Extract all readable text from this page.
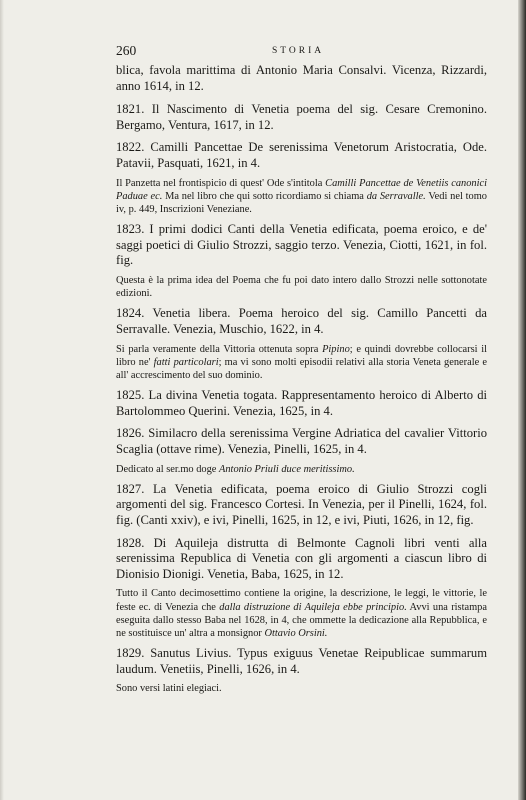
260	STORIA

blica, favola marittima di Antonio Maria Consalvi. Vicenza, Rizzardi, anno 1614, in 12.

1821. Il Nascimento di Venetia poema del sig. Cesare Cremonino. Bergamo, Ventura, 1617, in 12.

1822. Camilli Pancettae De serenissima Venetorum Aristocratia, Ode. Patavii, Pasquati, 1621, in 4.

Il Panzetta nel frontispicio di quest' Ode s'intitola Camilli Pancettae de Venetiis canonici Paduae ec. Ma nel libro che qui sotto ricordiamo si chiama da Serravalle. Vedi nel tomo iv, p. 449, Inscrizioni Veneziane.

1823. I primi dodici Canti della Venetia edificata, poema eroico, e de' saggi poetici di Giulio Strozzi, saggio terzo. Venezia, Ciotti, 1621, in fol. fig.

Questa è la prima idea del Poema che fu poi dato intero dallo Strozzi nelle sottonotate edizioni.

1824. Venetia libera. Poema heroico del sig. Camillo Pancetti da Serravalle. Venezia, Muschio, 1622, in 4.

Si parla veramente della Vittoria ottenuta sopra Pipino; e quindi dovrebbe collocarsi il libro ne' fatti particolari; ma vi sono molti episodii relativi alla storia Veneta generale e all' accrescimento del suo dominio.

1825. La divina Venetia togata. Rappresentamento heroico di Alberto di Bartolommeo Querini. Venezia, 1625, in 4.

1826. Similacro della serenissima Vergine Adriatica del cavalier Vittorio Scaglia (ottave rime). Venezia, Pinelli, 1625, in 4.

Dedicato al ser.mo doge Antonio Priuli duce meritissimo.

1827. La Venetia edificata, poema eroico di Giulio Strozzi cogli argomenti del sig. Francesco Cortesi. In Venezia, per il Pinelli, 1624, fol. fig. (Canti xxiv), e ivi, Pinelli, 1625, in 12, e ivi, Piuti, 1626, in 12, fig.

1828. Di Aquileja distrutta di Belmonte Cagnoli libri venti alla serenissima Republica di Venetia con gli argomenti a ciascun libro di Dionisio Dionigi. Venetia, Baba, 1625, in 12.

Tutto il Canto decimosettimo contiene la origine, la descrizione, le leggi, le vittorie, le feste ec. di Venezia che dalla distruzione di Aquileja ebbe principio. Avvi una ristampa eseguita dallo stesso Baba nel 1628, in 4, che ommette la dedicazione alla Repubblica, e ne sostituisce un' altra a monsignor Ottavio Orsini.

1829. Sanutus Livius. Typus exiguus Venetae Reipublicae summarum laudum. Venetiis, Pinelli, 1626, in 4.

Sono versi latini elegiaci.
